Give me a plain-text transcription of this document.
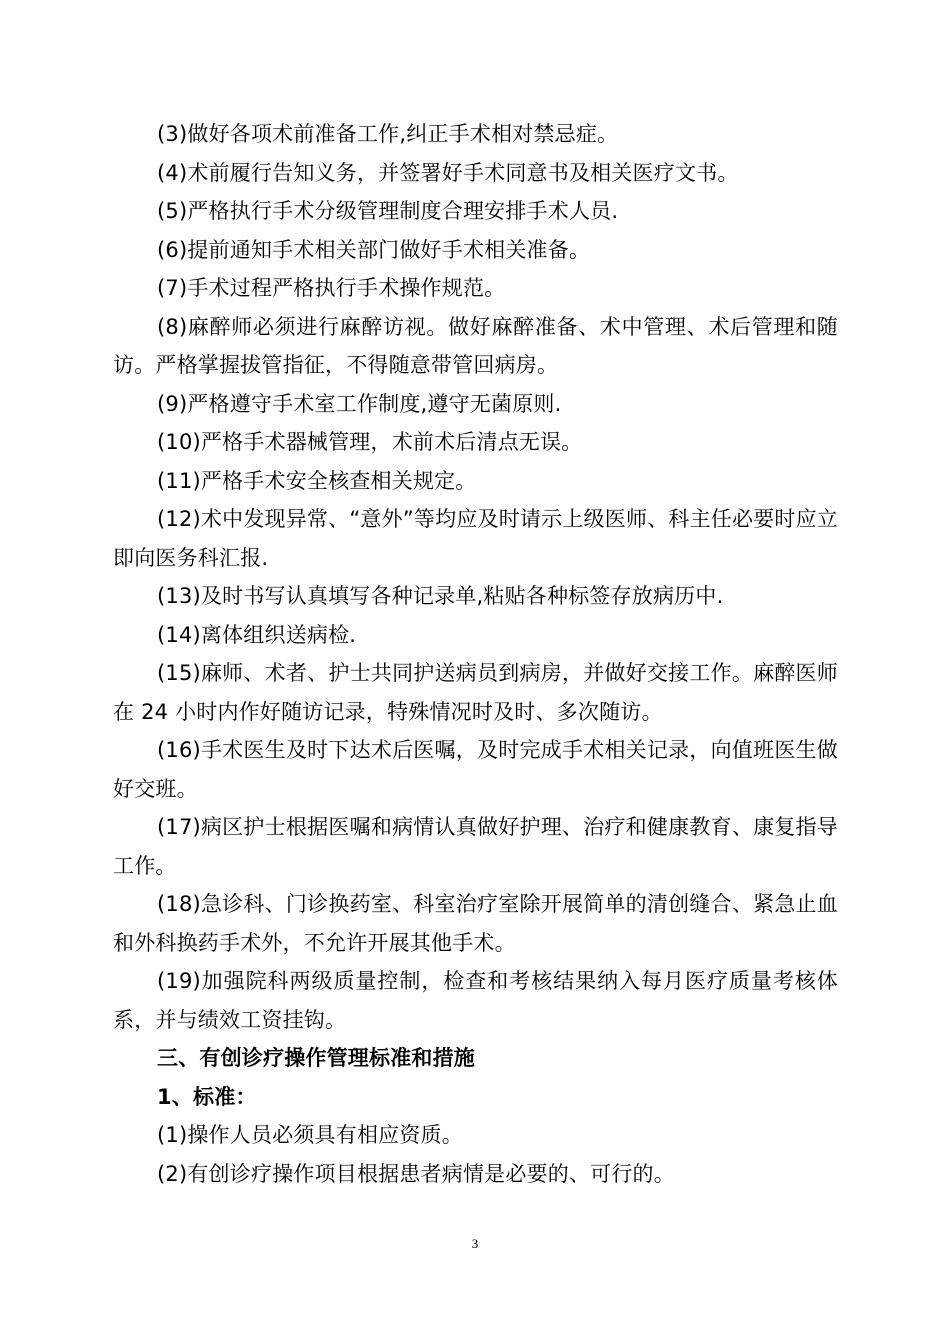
(3)做好各项术前准备工作,纠正手术相对禁忌症。

(4)术前履行告知义务，并签署好手术同意书及相关医疗文书。

(5)严格执行手术分级管理制度合理安排手术人员.

(6)提前通知手术相关部门做好手术相关准备。

(7)手术过程严格执行手术操作规范。

(8)麻醉师必须进行麻醉访视。做好麻醉准备、术中管理、术后管理和随访。严格掌握拔管指征，不得随意带管回病房。

(9)严格遵守手术室工作制度,遵守无菌原则.

(10)严格手术器械管理，术前术后清点无误。

(11)严格手术安全核查相关规定。

(12)术中发现异常、“意外”等均应及时请示上级医师、科主任必要时应立即向医务科汇报.

(13)及时书写认真填写各种记录单,粘贴各种标签存放病历中.

(14)离体组织送病检.

(15)麻师、术者、护士共同护送病员到病房，并做好交接工作。麻醉医师在 24 小时内作好随访记录，特殊情况时及时、多次随访。

(16)手术医生及时下达术后医嘱，及时完成手术相关记录，向值班医生做好交班。

(17)病区护士根据医嘱和病情认真做好护理、治疗和健康教育、康复指导工作。

(18)急诊科、门诊换药室、科室治疗室除开展简单的清创缝合、紧急止血和外科换药手术外，不允许开展其他手术。

(19)加强院科两级质量控制，检查和考核结果纳入每月医疗质量考核体系，并与绩效工资挂钩。

三、有创诊疗操作管理标准和措施

1、标准：

(1)操作人员必须具有相应资质。

(2)有创诊疗操作项目根据患者病情是必要的、可行的。

3
